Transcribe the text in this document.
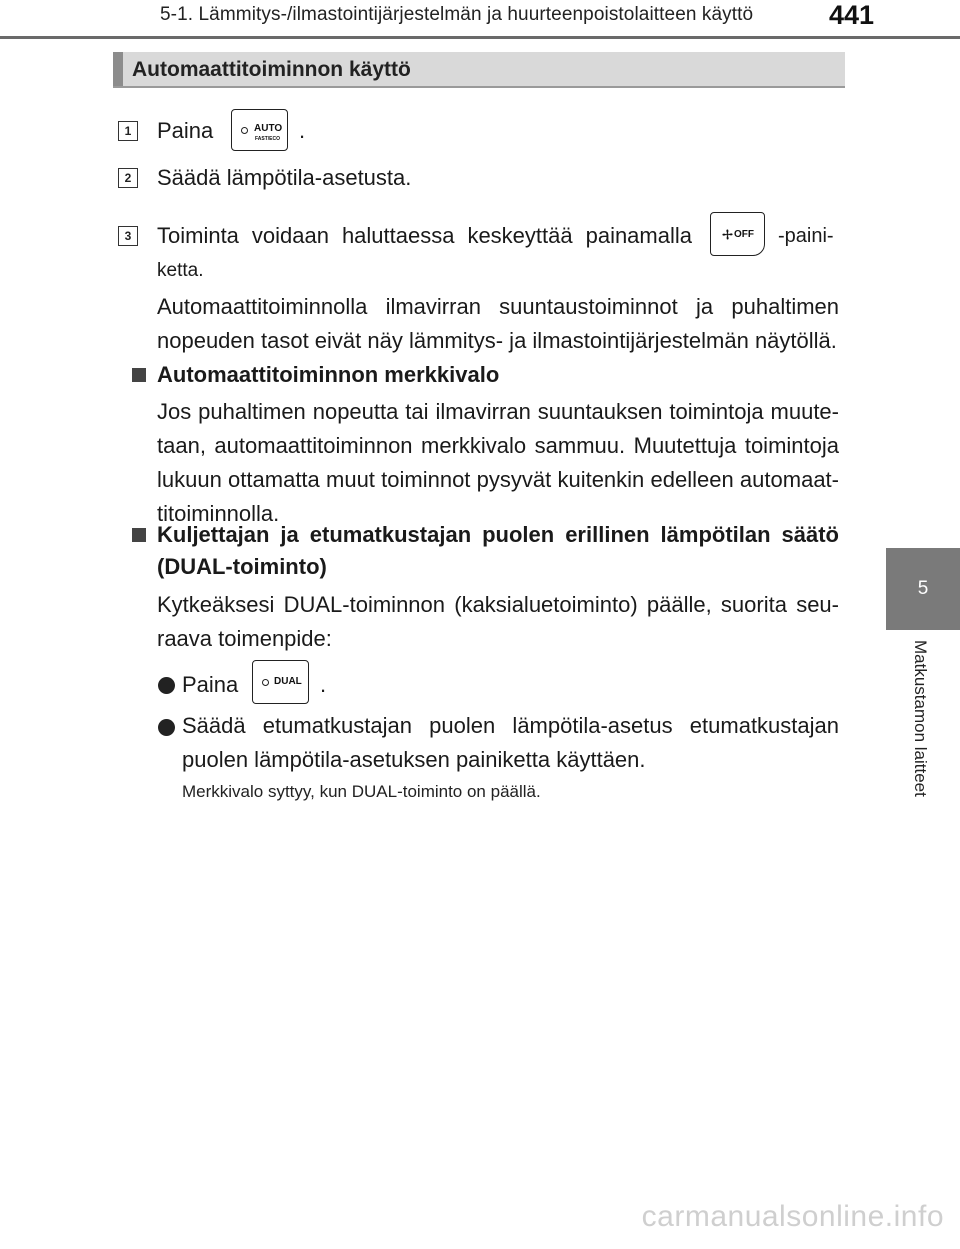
5-1. Lämmitys-/ilmastointijärjestelmän ja huurteenpoistolaitteen käyttö	441
5
Matkustamon laitteet
Automaattitoiminnon käyttö
1	Paina	AUTO
FAST/ECO .
2	Säädä lämpötila-asetusta.
3	Toiminta voidaan haluttaessa keskeyttää painamalla	OFF -paini-
ketta.
Automaattitoiminnolla ilmavirran suuntaustoiminnot ja puhaltimen
nopeuden tasot eivät näy lämmitys- ja ilmastointijärjestelmän näytöllä.
Automaattitoiminnon merkkivalo
Jos puhaltimen nopeutta tai ilmavirran suuntauksen toimintoja muute-
taan, automaattitoiminnon merkkivalo sammuu. Muutettuja toimintoja
lukuun ottamatta muut toiminnot pysyvät kuitenkin edelleen automaat-
titoiminnolla.
Kuljettajan ja etumatkustajan puolen erillinen lämpötilan säätö
(DUAL-toiminto)
Kytkeäksesi DUAL-toiminnon (kaksialuetoiminto) päälle, suorita seu-
raava toimenpide:
Paina	DUAL .
Säädä etumatkustajan puolen lämpötila-asetus etumatkustajan
puolen lämpötila-asetuksen painiketta käyttäen.
Merkkivalo syttyy, kun DUAL-toiminto on päällä.
carmanualsonline.info
